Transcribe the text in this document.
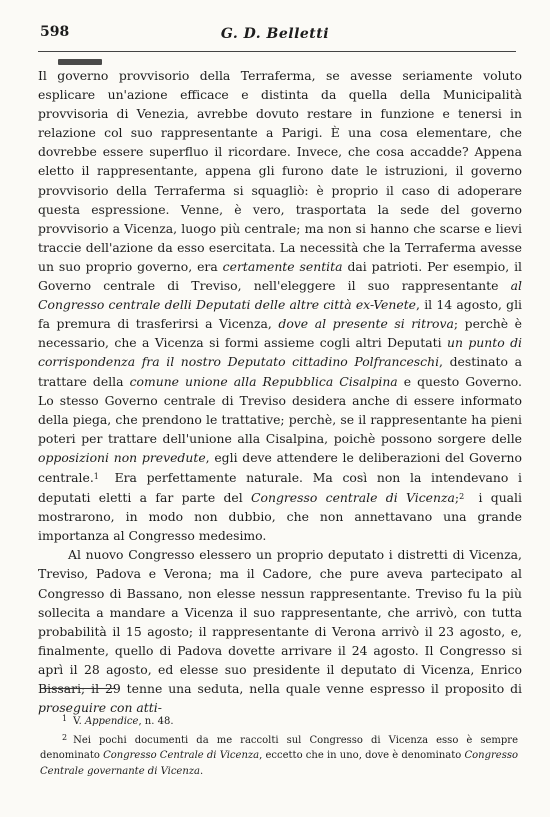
598	G. D. Belletti

Il governo provvisorio della Terraferma, se avesse seriamente voluto esplicare un'azione efficace e distinta da quella della Municipalità provvisoria di Venezia, avrebbe dovuto restare in funzione e tenersi in relazione col suo rappresentante a Parigi. È una cosa elementare, che dovrebbe essere superfluo il ricordare. Invece, che cosa accadde? Appena eletto il rappresentante, appena gli furono date le istruzioni, il governo provvisorio della Terraferma si squagliò: è proprio il caso di adoperare questa espressione. Venne, è vero, trasportata la sede del governo provvisorio a Vicenza, luogo più centrale; ma non si hanno che scarse e lievi traccie dell'azione da esso esercitata. La necessità che la Terraferma avesse un suo proprio governo, era certamente sentita dai patrioti. Per esempio, il Governo centrale di Treviso, nell'eleggere il suo rappresentante al Congresso centrale delli Deputati delle altre città ex-Venete, il 14 agosto, gli fa premura di trasferirsi a Vicenza, dove al presente si ritrova; perchè è necessario, che a Vicenza si formi assieme cogli altri Deputati un punto di corrispondenza fra il nostro Deputato cittadino Polfranceschi, destinato a trattare della comune unione alla Repubblica Cisalpina e questo Governo. Lo stesso Governo centrale di Treviso desidera anche di essere informato della piega, che prendono le trattative; perchè, se il rappresentante ha pieni poteri per trattare dell'unione alla Cisalpina, poichè possono sorgere delle opposizioni non prevedute, egli deve attendere le deliberazioni del Governo centrale.$^1$ Era perfettamente naturale. Ma così non la intendevano i deputati eletti a far parte del Congresso centrale di Vicenza;$^2$ i quali mostrarono, in modo non dubbio, che non annettavano una grande importanza al Congresso medesimo.

Al nuovo Congresso elessero un proprio deputato i distretti di Vicenza, Treviso, Padova e Verona; ma il Cadore, che pure aveva partecipato al Congresso di Bassano, non elesse nessun rappresentante. Treviso fu la più sollecita a mandare a Vicenza il suo rappresentante, che arrivò, con tutta probabilità il 15 agosto; il rappresentante di Verona arrivò il 23 agosto, e, finalmente, quello di Padova dovette arrivare il 24 agosto. Il Congresso si aprì il 28 agosto, ed elesse suo presidente il deputato di Vicenza, Enrico Bissari; il 29 tenne una seduta, nella quale venne espresso il proposito di proseguire con atti-

$^1$ V. Appendice, n. 48.

$^2$ Nei pochi documenti da me raccolti sul Congresso di Vicenza esso è sempre denominato Congresso Centrale di Vicenza, eccetto che in uno, dove è denominato Congresso Centrale governante di Vicenza.
